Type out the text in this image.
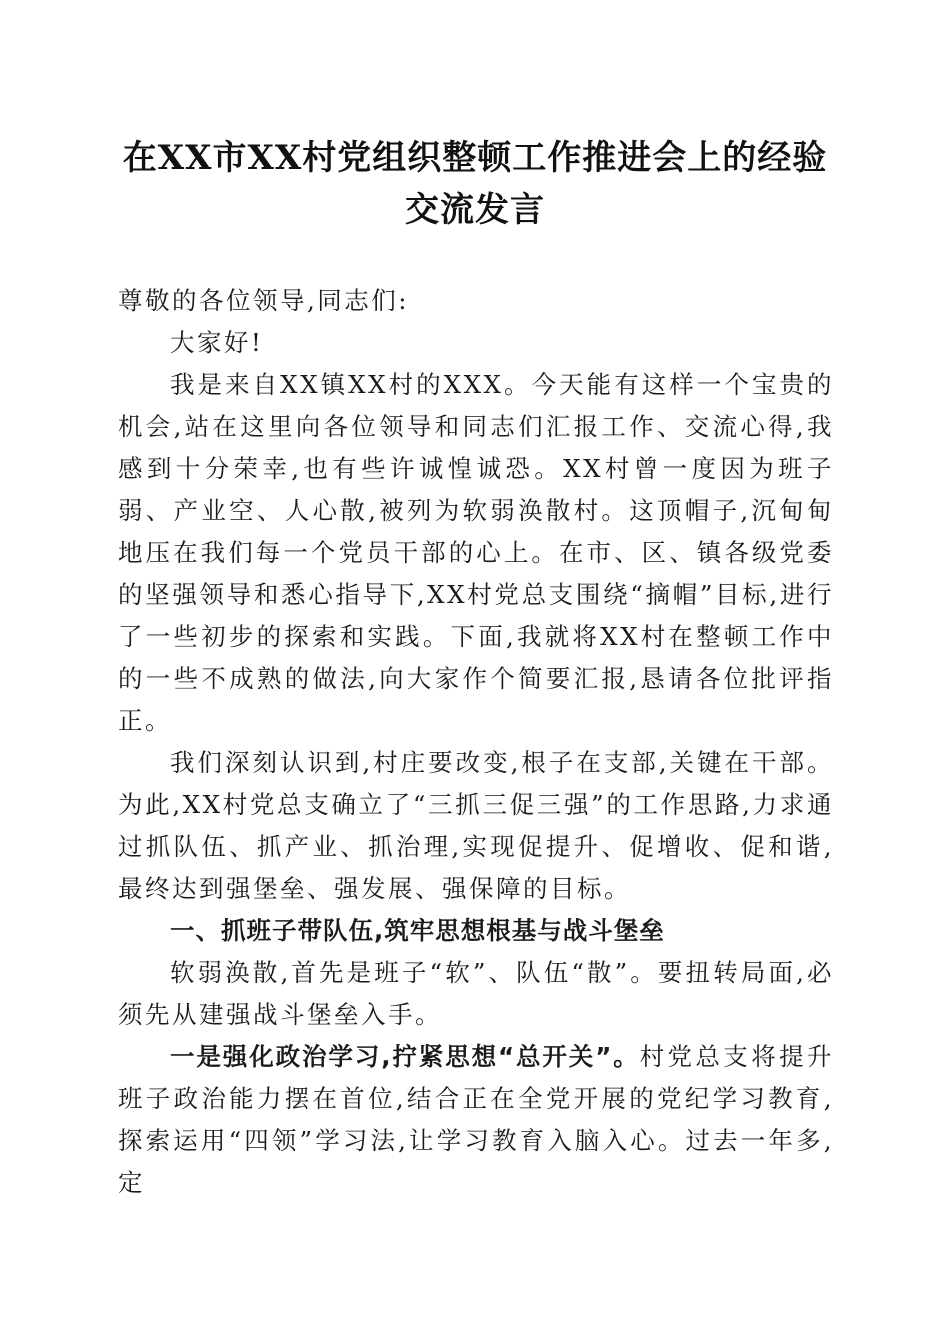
在XX市XX村党组织整顿工作推进会上的经验交流发言

尊敬的各位领导,同志们:

大家好!

我是来自XX镇XX村的XXX。今天能有这样一个宝贵的机会,站在这里向各位领导和同志们汇报工作、交流心得,我感到十分荣幸,也有些许诚惶诚恐。XX村曾一度因为班子弱、产业空、人心散,被列为软弱涣散村。这顶帽子,沉甸甸地压在我们每一个党员干部的心上。在市、区、镇各级党委的坚强领导和悉心指导下,XX村党总支围绕“摘帽”目标,进行了一些初步的探索和实践。下面,我就将XX村在整顿工作中的一些不成熟的做法,向大家作个简要汇报,恳请各位批评指正。

我们深刻认识到,村庄要改变,根子在支部,关键在干部。为此,XX村党总支确立了“三抓三促三强”的工作思路,力求通过抓队伍、抓产业、抓治理,实现促提升、促增收、促和谐,最终达到强堡垒、强发展、强保障的目标。

一、抓班子带队伍,筑牢思想根基与战斗堡垒

软弱涣散,首先是班子“软”、队伍“散”。要扭转局面,必须先从建强战斗堡垒入手。

一是强化政治学习,拧紧思想“总开关”。村党总支将提升班子政治能力摆在首位,结合正在全党开展的党纪学习教育,探索运用“四领”学习法,让学习教育入脑入心。过去一年多,定
